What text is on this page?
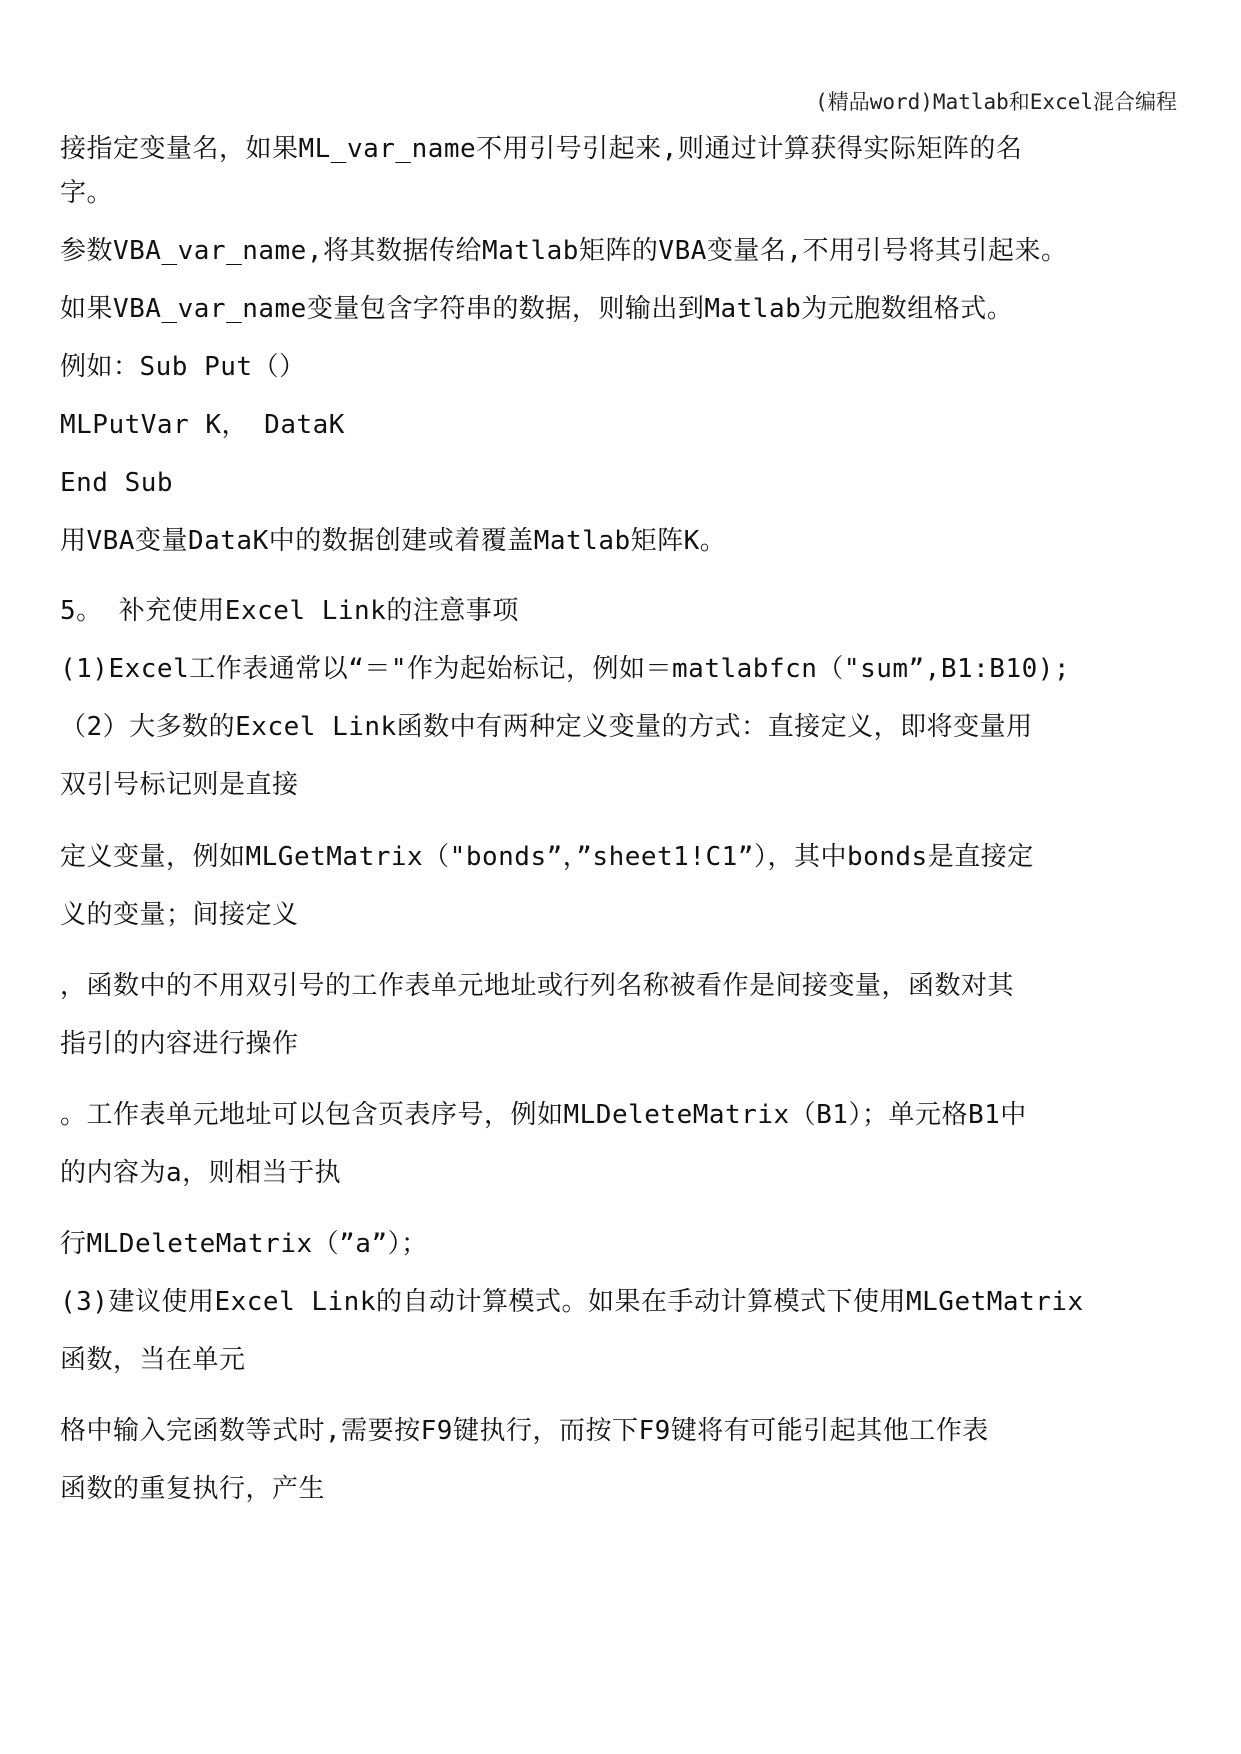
(精品word)Matlab和Excel混合编程
接指定变量名，如果ML_var_name不用引号引起来,则通过计算获得实际矩阵的名
字。
参数VBA_var_name,将其数据传给Matlab矩阵的VBA变量名,不用引号将其引起来。
如果VBA_var_name变量包含字符串的数据，则输出到Matlab为元胞数组格式。
例如：Sub Put（）
MLPutVar K， DataK
End Sub
用VBA变量DataK中的数据创建或着覆盖Matlab矩阵K。
5。 补充使用Excel Link的注意事项
(1)Excel工作表通常以“＝"作为起始标记，例如＝matlabfcn（"sum”,B1:B10);
（2）大多数的Excel Link函数中有两种定义变量的方式：直接定义，即将变量用
双引号标记则是直接
定义变量，例如MLGetMatrix（"bonds”，”sheet1!C1”），其中bonds是直接定
义的变量；间接定义
，函数中的不用双引号的工作表单元地址或行列名称被看作是间接变量，函数对其
指引的内容进行操作
。工作表单元地址可以包含页表序号，例如MLDeleteMatrix（B1）；单元格B1中
的内容为a，则相当于执
行MLDeleteMatrix（”a”）；
(3)建议使用Excel Link的自动计算模式。如果在手动计算模式下使用MLGetMatrix
函数，当在单元
格中输入完函数等式时,需要按F9键执行，而按下F9键将有可能引起其他工作表
函数的重复执行，产生
